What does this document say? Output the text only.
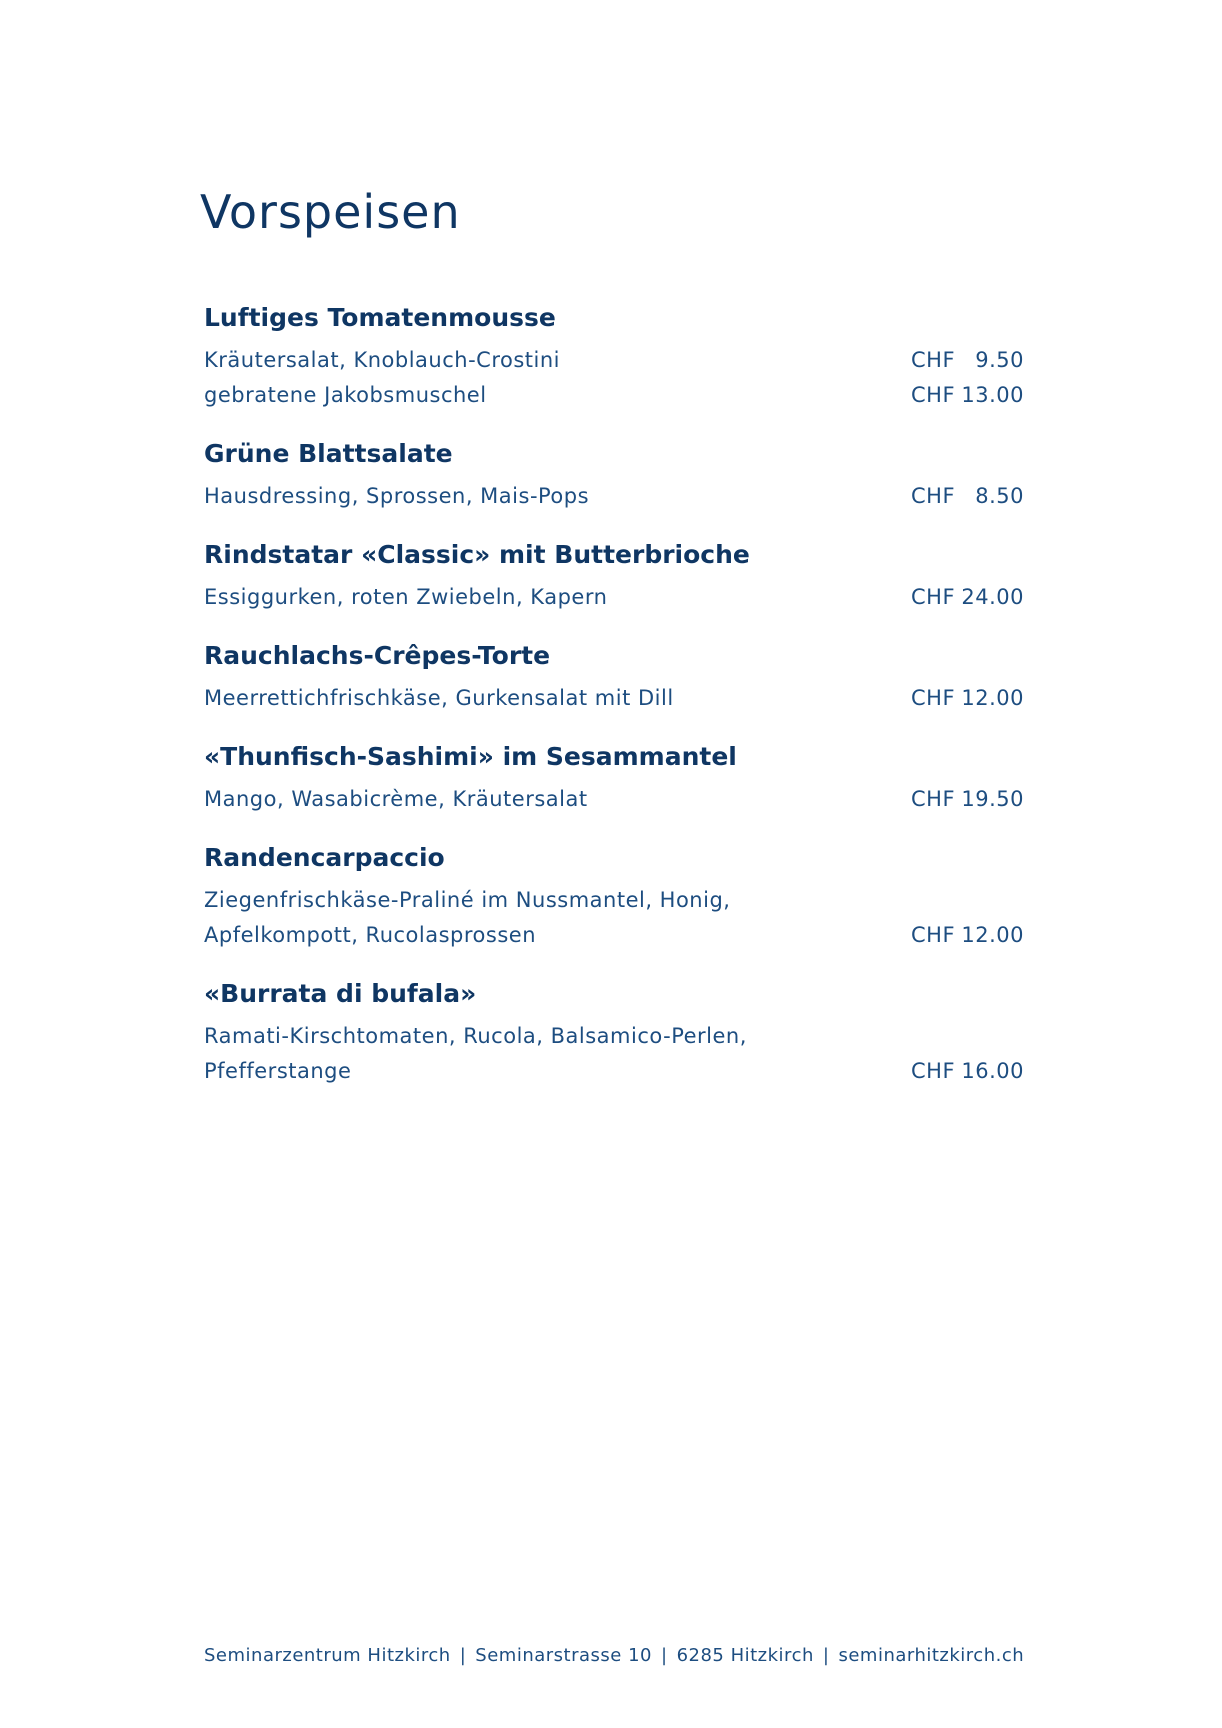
Vorspeisen
Luftiges Tomatenmousse
Kräutersalat, Knoblauch-Crostini	CHF 9.50
gebratene Jakobsmuschel	CHF 13.00
Grüne Blattsalate
Hausdressing, Sprossen, Mais-Pops	CHF 8.50
Rindstatar «Classic» mit Butterbrioche
Essiggurken, roten Zwiebeln, Kapern	CHF 24.00
Rauchlachs-Crêpes-Torte
Meerrettichfrischkäse, Gurkensalat mit Dill	CHF 12.00
«Thunfisch-Sashimi» im Sesammantel
Mango, Wasabicrème, Kräutersalat	CHF 19.50
Randencarpaccio
Ziegenfrischkäse-Praliné im Nussmantel, Honig,
Apfelkompott, Rucolasprossen	CHF 12.00
«Burrata di bufala»
Ramati-Kirschtomaten, Rucola, Balsamico-Perlen,
Pfefferstange	CHF 16.00
Seminarzentrum Hitzkirch | Seminarstrasse 10 | 6285 Hitzkirch | seminarhitzkirch.ch
